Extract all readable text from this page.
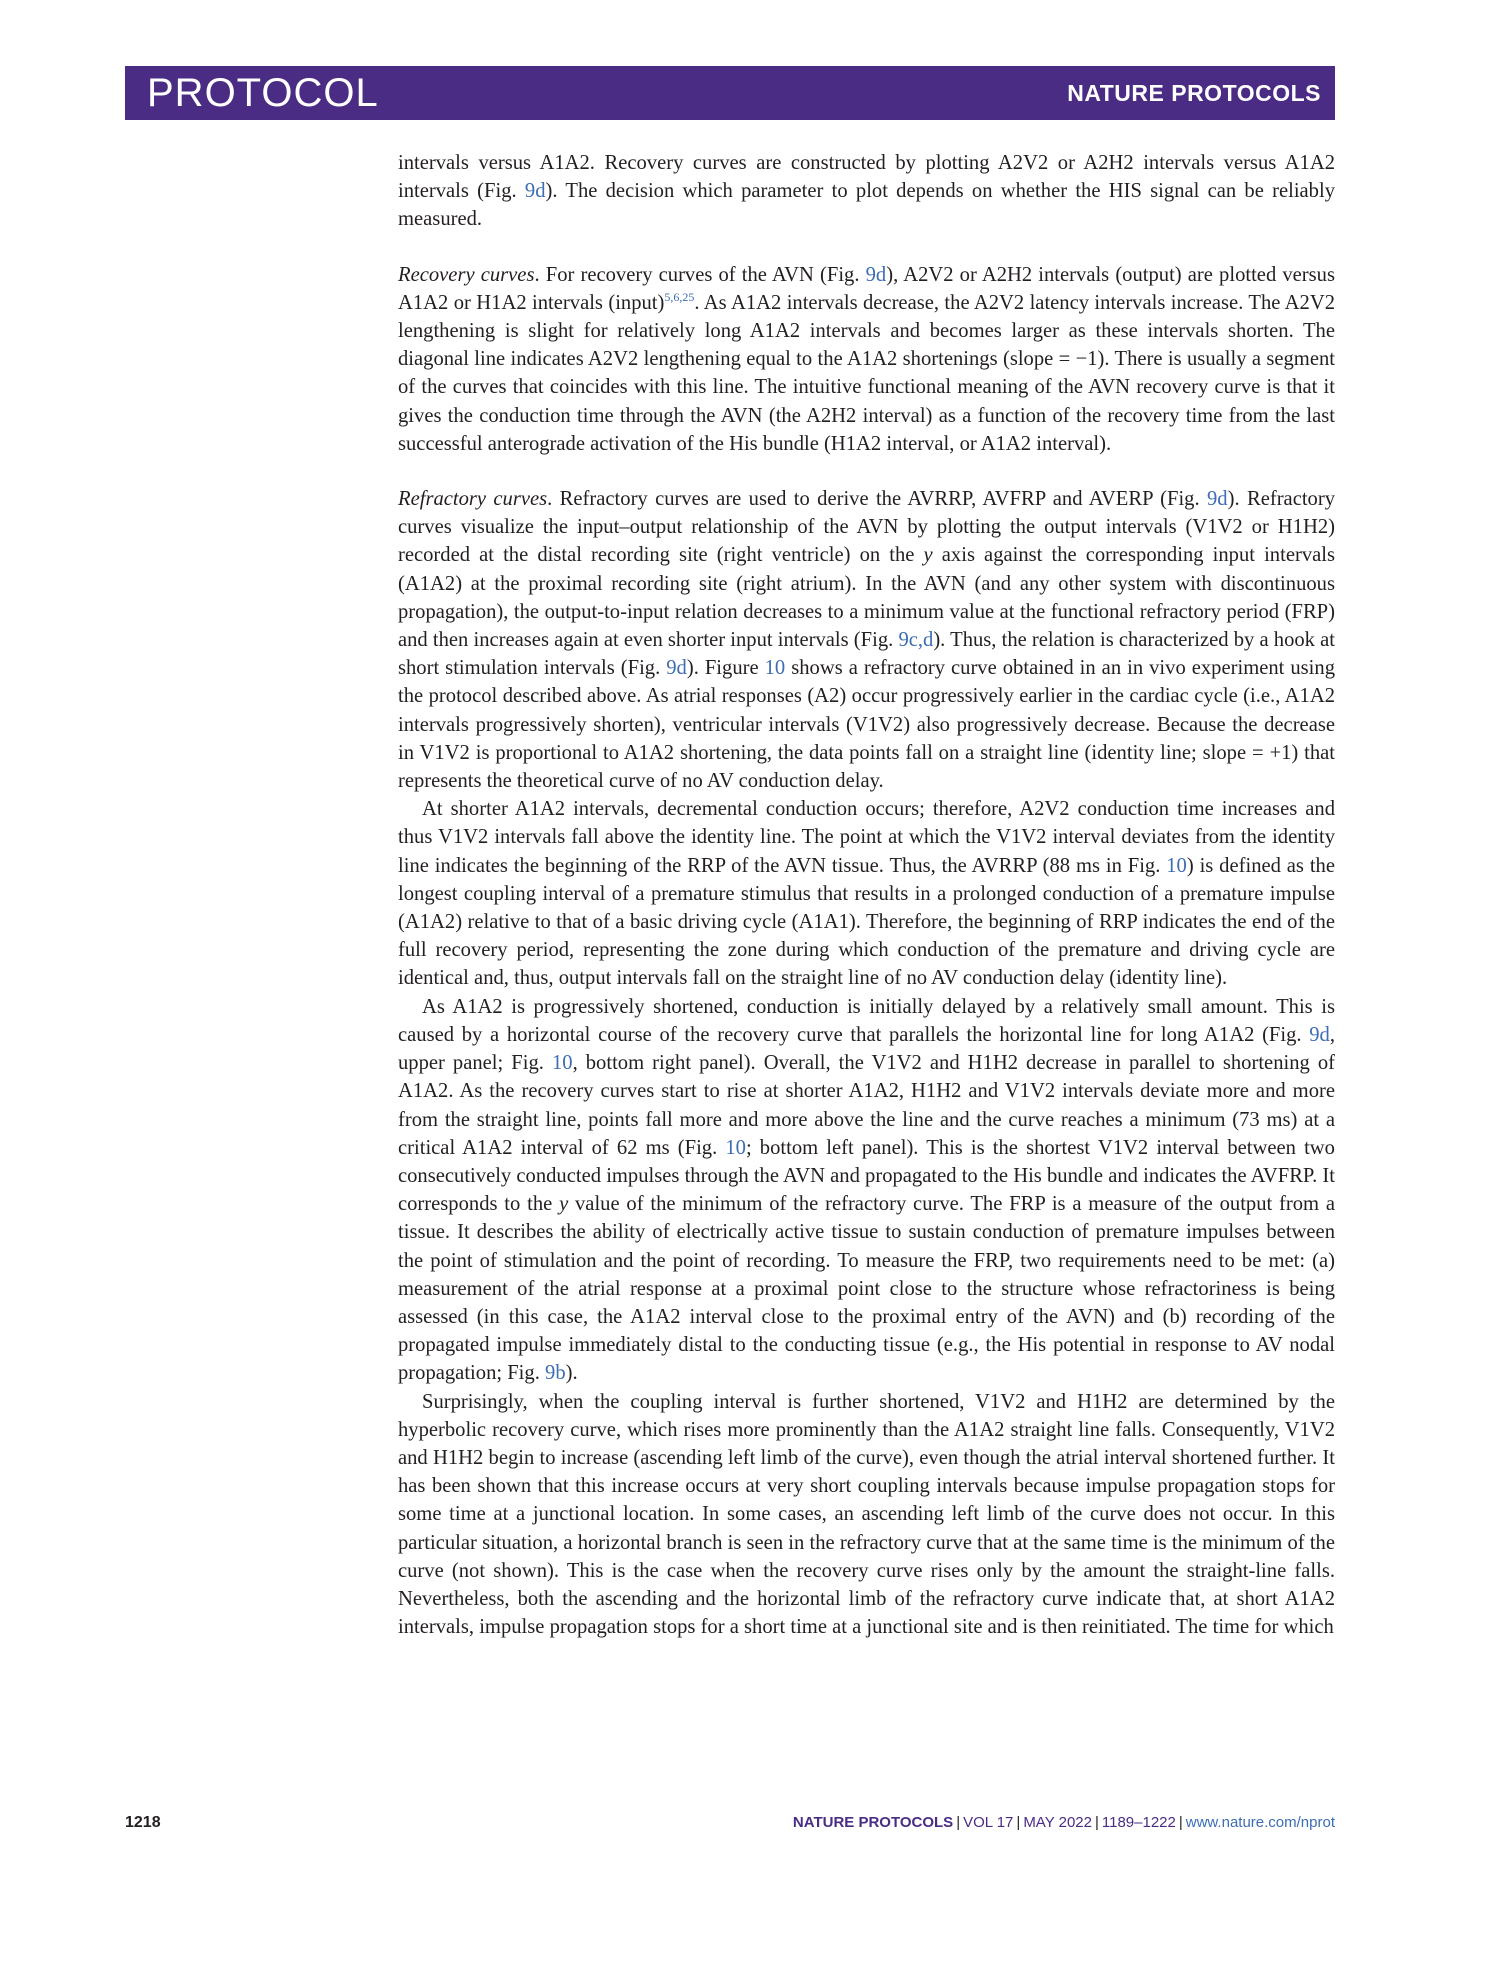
PROTOCOL	NATURE PROTOCOLS

intervals versus A1A2. Recovery curves are constructed by plotting A2V2 or A2H2 intervals versus A1A2 intervals (Fig. 9d). The decision which parameter to plot depends on whether the HIS signal can be reliably measured.

Recovery curves. For recovery curves of the AVN (Fig. 9d), A2V2 or A2H2 intervals (output) are plotted versus A1A2 or H1A2 intervals (input)$^{5,6,25}$. As A1A2 intervals decrease, the A2V2 latency intervals increase. The A2V2 lengthening is slight for relatively long A1A2 intervals and becomes larger as these intervals shorten. The diagonal line indicates A2V2 lengthening equal to the A1A2 shortenings (slope = −1). There is usually a segment of the curves that coincides with this line. The intuitive functional meaning of the AVN recovery curve is that it gives the conduction time through the AVN (the A2H2 interval) as a function of the recovery time from the last successful anterograde activation of the His bundle (H1A2 interval, or A1A2 interval).

Refractory curves. Refractory curves are used to derive the AVRRP, AVFRP and AVERP (Fig. 9d). Refractory curves visualize the input–output relationship of the AVN by plotting the output intervals (V1V2 or H1H2) recorded at the distal recording site (right ventricle) on the y axis against the corresponding input intervals (A1A2) at the proximal recording site (right atrium). In the AVN (and any other system with discontinuous propagation), the output-to-input relation decreases to a minimum value at the functional refractory period (FRP) and then increases again at even shorter input intervals (Fig. 9c,d). Thus, the relation is characterized by a hook at short stimulation intervals (Fig. 9d). Figure 10 shows a refractory curve obtained in an in vivo experiment using the protocol described above. As atrial responses (A2) occur progressively earlier in the cardiac cycle (i.e., A1A2 intervals progressively shorten), ventricular intervals (V1V2) also progressively decrease. Because the decrease in V1V2 is proportional to A1A2 shortening, the data points fall on a straight line (identity line; slope = +1) that represents the theoretical curve of no AV conduction delay.

At shorter A1A2 intervals, decremental conduction occurs; therefore, A2V2 conduction time increases and thus V1V2 intervals fall above the identity line. The point at which the V1V2 interval deviates from the identity line indicates the beginning of the RRP of the AVN tissue. Thus, the AVRRP (88 ms in Fig. 10) is defined as the longest coupling interval of a premature stimulus that results in a prolonged conduction of a premature impulse (A1A2) relative to that of a basic driving cycle (A1A1). Therefore, the beginning of RRP indicates the end of the full recovery period, representing the zone during which conduction of the premature and driving cycle are identical and, thus, output intervals fall on the straight line of no AV conduction delay (identity line).

As A1A2 is progressively shortened, conduction is initially delayed by a relatively small amount. This is caused by a horizontal course of the recovery curve that parallels the horizontal line for long A1A2 (Fig. 9d, upper panel; Fig. 10, bottom right panel). Overall, the V1V2 and H1H2 decrease in parallel to shortening of A1A2. As the recovery curves start to rise at shorter A1A2, H1H2 and V1V2 intervals deviate more and more from the straight line, points fall more and more above the line and the curve reaches a minimum (73 ms) at a critical A1A2 interval of 62 ms (Fig. 10; bottom left panel). This is the shortest V1V2 interval between two consecutively conducted impulses through the AVN and propagated to the His bundle and indicates the AVFRP. It corresponds to the y value of the minimum of the refractory curve. The FRP is a measure of the output from a tissue. It describes the ability of electrically active tissue to sustain conduction of premature impulses between the point of stimulation and the point of recording. To measure the FRP, two requirements need to be met: (a) measurement of the atrial response at a proximal point close to the structure whose refractoriness is being assessed (in this case, the A1A2 interval close to the proximal entry of the AVN) and (b) recording of the propagated impulse immediately distal to the conducting tissue (e.g., the His potential in response to AV nodal propagation; Fig. 9b).

Surprisingly, when the coupling interval is further shortened, V1V2 and H1H2 are determined by the hyperbolic recovery curve, which rises more prominently than the A1A2 straight line falls. Consequently, V1V2 and H1H2 begin to increase (ascending left limb of the curve), even though the atrial interval shortened further. It has been shown that this increase occurs at very short coupling intervals because impulse propagation stops for some time at a junctional location. In some cases, an ascending left limb of the curve does not occur. In this particular situation, a horizontal branch is seen in the refractory curve that at the same time is the minimum of the curve (not shown). This is the case when the recovery curve rises only by the amount the straight-line falls. Nevertheless, both the ascending and the horizontal limb of the refractory curve indicate that, at short A1A2 intervals, impulse propagation stops for a short time at a junctional site and is then reinitiated. The time for which

1218	NATURE PROTOCOLS | VOL 17 | MAY 2022 | 1189–1222 | www.nature.com/nprot
